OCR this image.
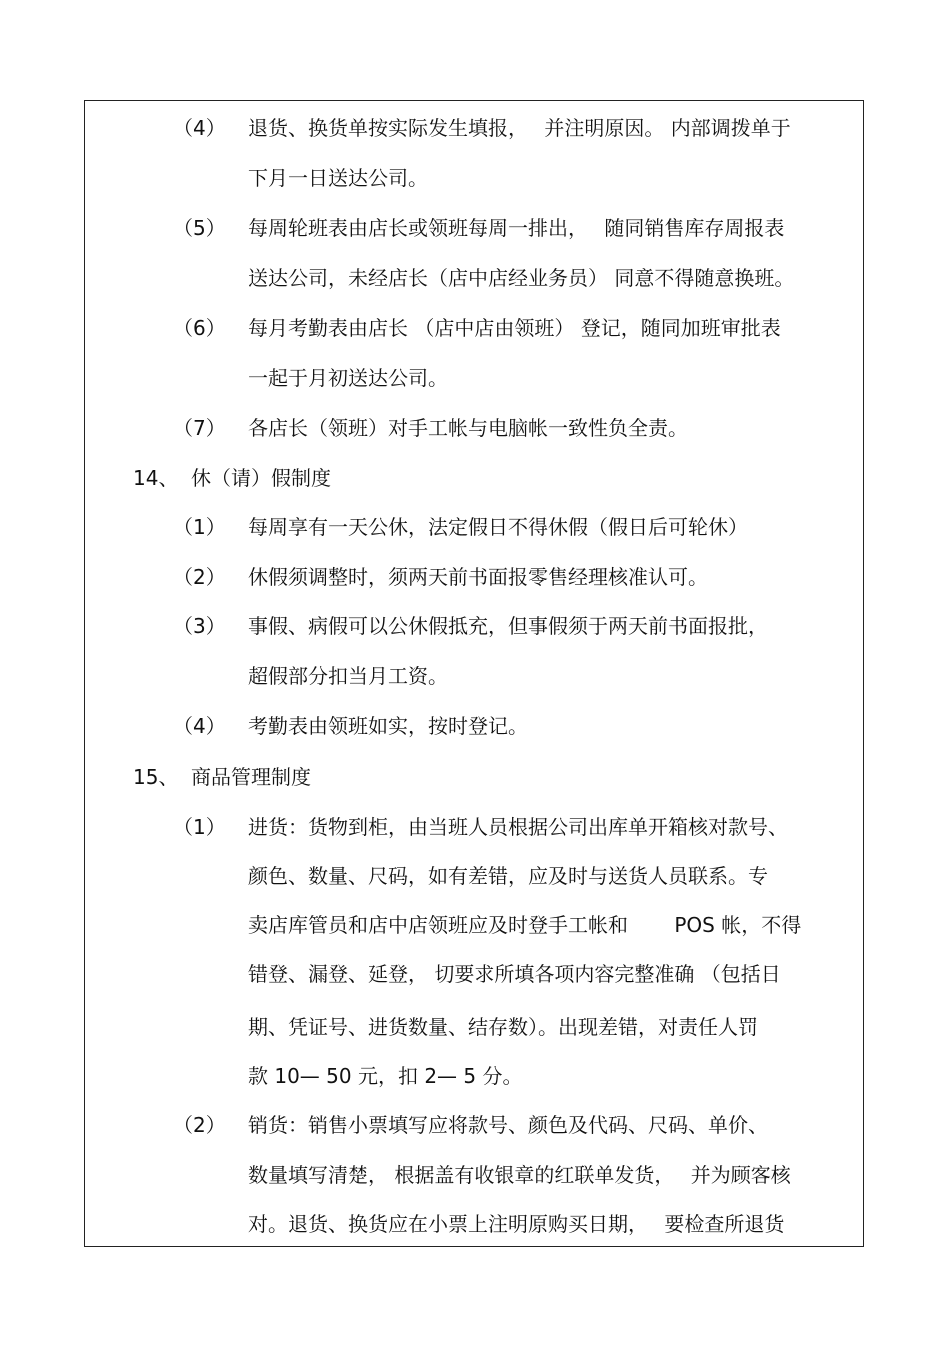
（4） 退货、换货单按实际发生填报，　 并注明原因。 内部调拨单于
下月一日送达公司。
（5） 每周轮班表由店长或领班每周一排出，　 随同销售库存周报表
送达公司，未经店长（店中店经业务员） 同意不得随意换班。
（6） 每月考勤表由店长 （店中店由领班） 登记，随同加班审批表
一起于月初送达公司。
（7） 各店长（领班）对手工帐与电脑帐一致性负全责。
14、 休（请）假制度
（1） 每周享有一天公休，法定假日不得休假（假日后可轮休）
（2） 休假须调整时，须两天前书面报零售经理核准认可。
（3） 事假、病假可以公休假抵充，但事假须于两天前书面报批，
超假部分扣当月工资。
（4） 考勤表由领班如实，按时登记。
15、 商品管理制度
（1） 进货：货物到柜，由当班人员根据公司出库单开箱核对款号、
颜色、数量、尺码，如有差错，应及时与送货人员联系。专
卖店库管员和店中店领班应及时登手工帐和　　 POS 帐，不得
错登、漏登、延登， 切要求所填各项内容完整准确 （包括日
期、凭证号、进货数量、结存数）。出现差错，对责任人罚
款 10— 50 元，扣 2— 5 分。
（2） 销货：销售小票填写应将款号、颜色及代码、尺码、单价、
数量填写清楚， 根据盖有收银章的红联单发货，　 并为顾客核
对。退货、换货应在小票上注明原购买日期，　 要检查所退货
